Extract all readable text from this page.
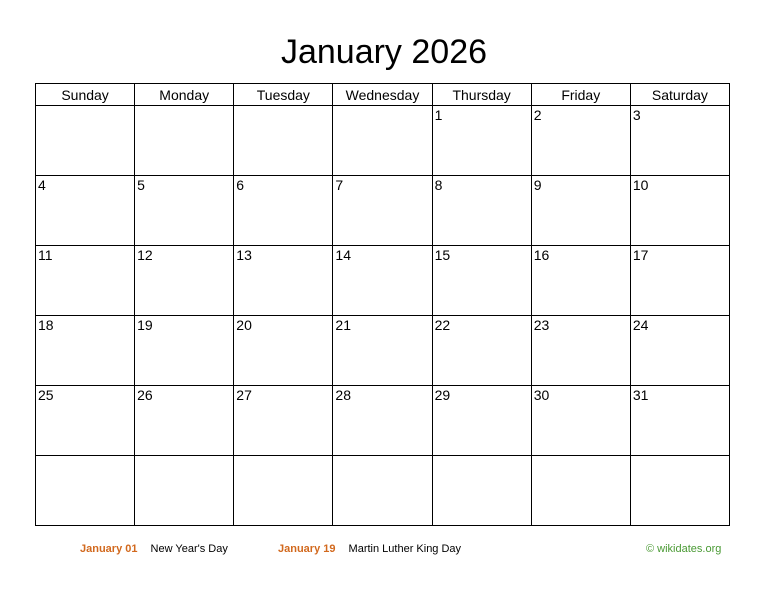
January 2026
Sunday	Monday	Tuesday	Wednesday	Thursday	Friday	Saturday

				1	2	3

4	5	6	7	8	9	10

11	12	13	14	15	16	17

18	19	20	21	22	23	24

25	26	27	28	29	30	31

January 01 New Year's Day	January 19 Martin Luther King Day	© wikidates.org
